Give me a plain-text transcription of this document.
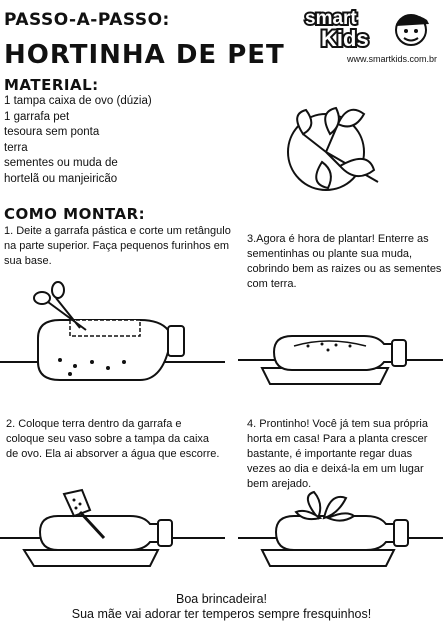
PASSO-A-PASSO:
HORTINHA DE PET
smart
Kids
www.smartkids.com.br
MATERIAL:
1 tampa caixa de ovo (dúzia)
1 garrafa pet
tesoura sem ponta
terra
sementes ou muda de
hortelã ou manjeiricão
COMO MONTAR:
1. Deite a garrafa pástica e corte um retângulo na parte superior. Faça pequenos furinhos em sua base.
3.Agora é hora de plantar! Enterre as sementinhas ou plante sua muda, cobrindo bem as raizes ou as sementes com terra.
2. Coloque terra dentro da garrafa e coloque seu vaso sobre a tampa da caixa de ovo. Ela ai absorver a água que escorre.
4. Prontinho! Você já tem sua própria horta em casa! Para a planta crescer bastante, é importante regar duas vezes ao dia e deixá-la em um lugar bem arejado.
Boa brincadeira!
Sua mãe vai adorar ter temperos sempre fresquinhos!
